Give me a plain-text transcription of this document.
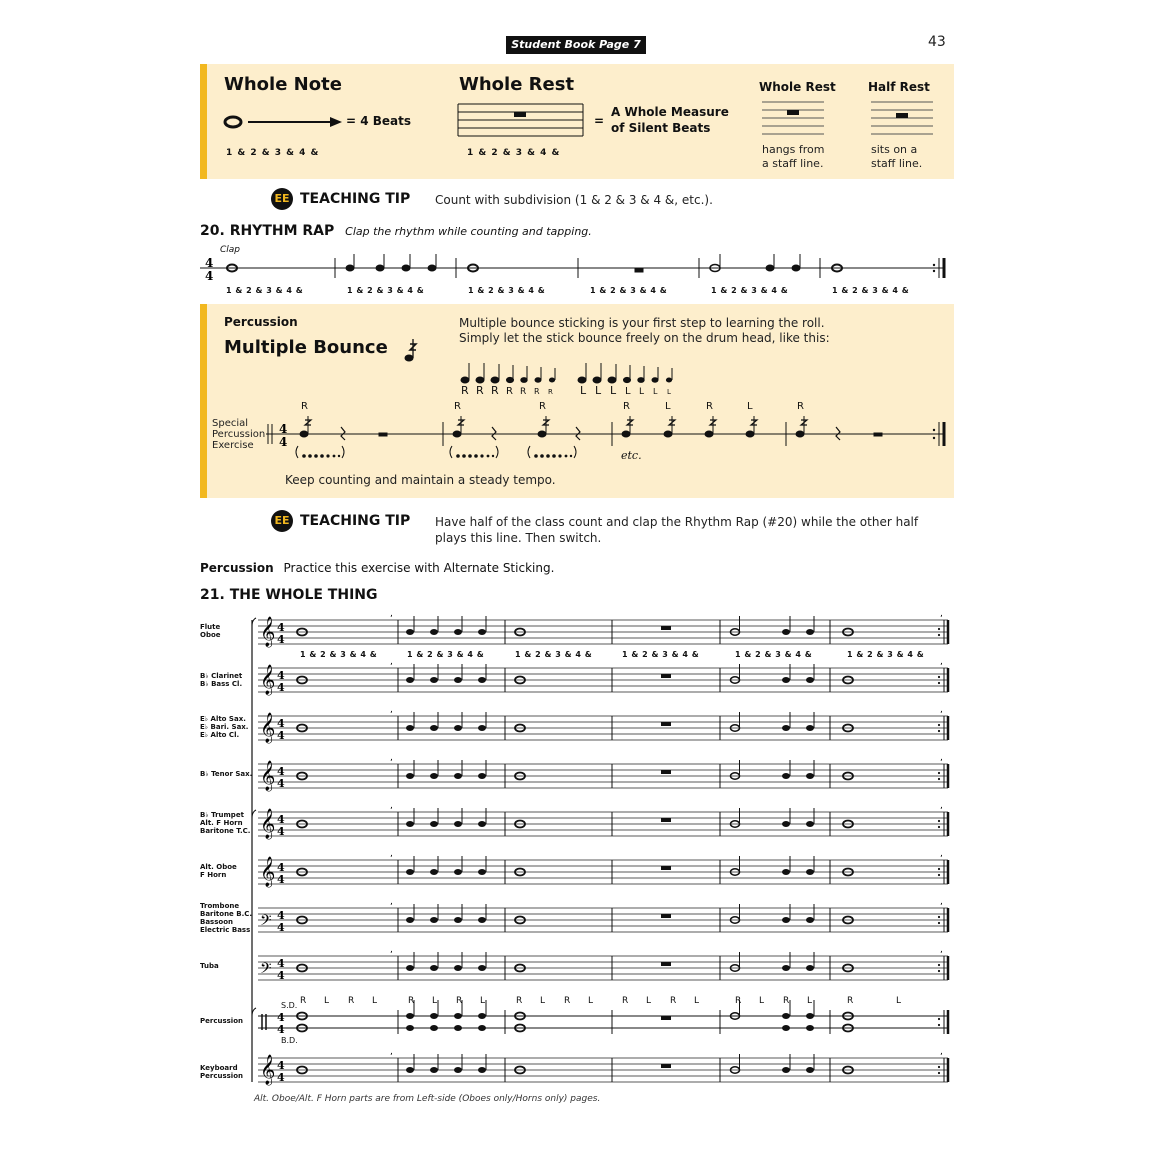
Student Book Page 7	43
Whole Note
= 4 Beats
1 & 2 & 3 & 4 &
Whole Rest
=
A Whole Measure
of Silent Beats
1 & 2 & 3 & 4 &
Whole Rest
hangs from
a staff line.
Half Rest
sits on a
staff line.
EE TEACHING TIP Count with subdivision (1 & 2 & 3 & 4 &, etc.).
20. RHYTHM RAP Clap the rhythm while counting and tapping.
Clap
4
4
1 & 2 & 3 & 4 &	1 & 2 & 3 & 4 &	1 & 2 & 3 & 4 &	1 & 2 & 3 & 4 &	1 & 2 & 3 & 4 &	1 & 2 & 3 & 4 &
Percussion
Multiple Bounce
Multiple bounce sticking is your first step to learning the roll.
Simply let the stick bounce freely on the drum head, like this:
R R R R R R R	L L L L L L L
Special
Percussion
Exercise
4
4
R	R	R	R	L	R	L	R
etc.
Keep counting and maintain a steady tempo.
EE TEACHING TIP Have half of the class count and clap the Rhythm Rap (#20) while the other half
plays this line. Then switch.
Percussion Practice this exercise with Alternate Sticking.
21. THE WHOLE THING
Flute
Oboe
B♭ Clarinet
B♭ Bass Cl.
E♭ Alto Sax.
E♭ Bari. Sax.
E♭ Alto Cl.
B♭ Tenor Sax.
B♭ Trumpet
Alt. F Horn
Baritone T.C.
Alt. Oboe
F Horn
Trombone
Baritone B.C.
Bassoon
Electric Bass
Tuba
Percussion
Keyboard
Percussion
1 & 2 & 3 & 4 &	1 & 2 & 3 & 4 &	1 & 2 & 3 & 4 &	1 & 2 & 3 & 4 &	1 & 2 & 3 & 4 &	1 & 2 & 3 & 4 &
S.D.
B.D.
R L R L	R L R L	R L R L	R L R L	R L R L	R	L
𝄞 4
4
,	,
𝄞 4
4
,	,
𝄞 4
4
,	,
𝄞 4
4
,	,
𝄞 4
4
,	,
𝄞 4
4
,	,
𝄢 4
4
,	,
𝄢 4
4
,	,
4
4
𝄞 4
4
,	,
Alt. Oboe/Alt. F Horn parts are from Left-side (Oboes only/Horns only) pages.
